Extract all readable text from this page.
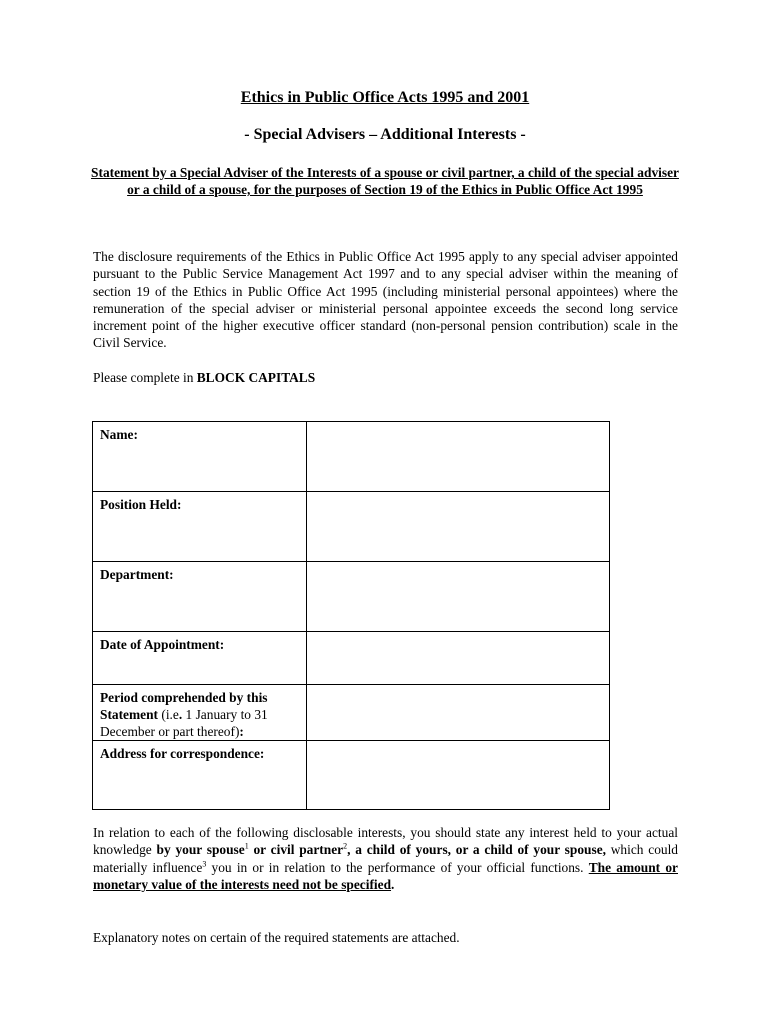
Ethics in Public Office Acts 1995 and 2001
- Special Advisers – Additional Interests -
Statement by a Special Adviser of the Interests of a spouse or civil partner, a child of the special adviser or a child of a spouse, for the purposes of Section 19 of the Ethics in Public Office Act 1995
The disclosure requirements of the Ethics in Public Office Act 1995 apply to any special adviser appointed pursuant to the Public Service Management Act 1997 and to any special adviser within the meaning of section 19 of the Ethics in Public Office Act 1995 (including ministerial personal appointees) where the remuneration of the special adviser or ministerial personal appointee exceeds the second long service increment point of the higher executive officer standard (non-personal pension contribution) scale in the Civil Service.
Please complete in BLOCK CAPITALS
Name:	
Position Held:	
Department:	
Date of Appointment:	
Period comprehended by this Statement (i.e. 1 January to 31 December or part thereof):	
Address for correspondence:	
In relation to each of the following disclosable interests, you should state any interest held to your actual knowledge by your spouse$^1$ or civil partner$^2$, a child of yours, or a child of your spouse, which could materially influence$^3$ you in or in relation to the performance of your official functions. The amount or monetary value of the interests need not be specified.
Explanatory notes on certain of the required statements are attached.
